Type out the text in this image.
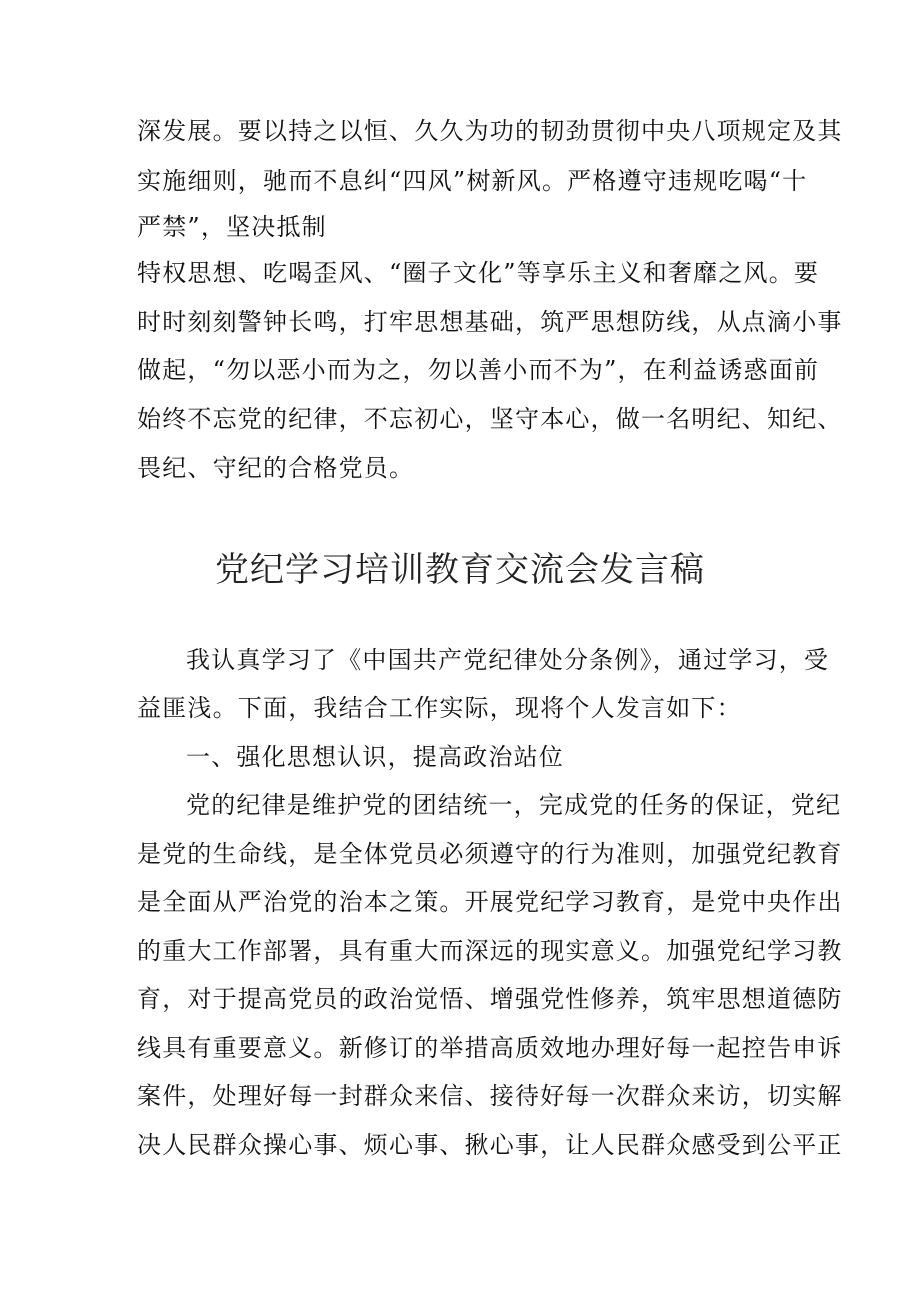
深发展。要以持之以恒、久久为功的韧劲贯彻中央八项规定及其
实施细则，驰而不息纠“四风”树新风。严格遵守违规吃喝“十
严禁”，坚决抵制
特权思想、吃喝歪风、“圈子文化”等享乐主义和奢靡之风。要
时时刻刻警钟长鸣，打牢思想基础，筑严思想防线，从点滴小事
做起，“勿以恶小而为之，勿以善小而不为”，在利益诱惑面前
始终不忘党的纪律，不忘初心，坚守本心，做一名明纪、知纪、
畏纪、守纪的合格党员。
党纪学习培训教育交流会发言稿
我认真学习了《中国共产党纪律处分条例》，通过学习，受
益匪浅。下面，我结合工作实际，现将个人发言如下：
一、强化思想认识，提高政治站位
党的纪律是维护党的团结统一，完成党的任务的保证，党纪
是党的生命线，是全体党员必须遵守的行为准则，加强党纪教育
是全面从严治党的治本之策。开展党纪学习教育，是党中央作出
的重大工作部署，具有重大而深远的现实意义。加强党纪学习教
育，对于提高党员的政治觉悟、增强党性修养，筑牢思想道德防
线具有重要意义。新修订的举措高质效地办理好每一起控告申诉
案件，处理好每一封群众来信、接待好每一次群众来访，切实解
决人民群众操心事、烦心事、揪心事，让人民群众感受到公平正
